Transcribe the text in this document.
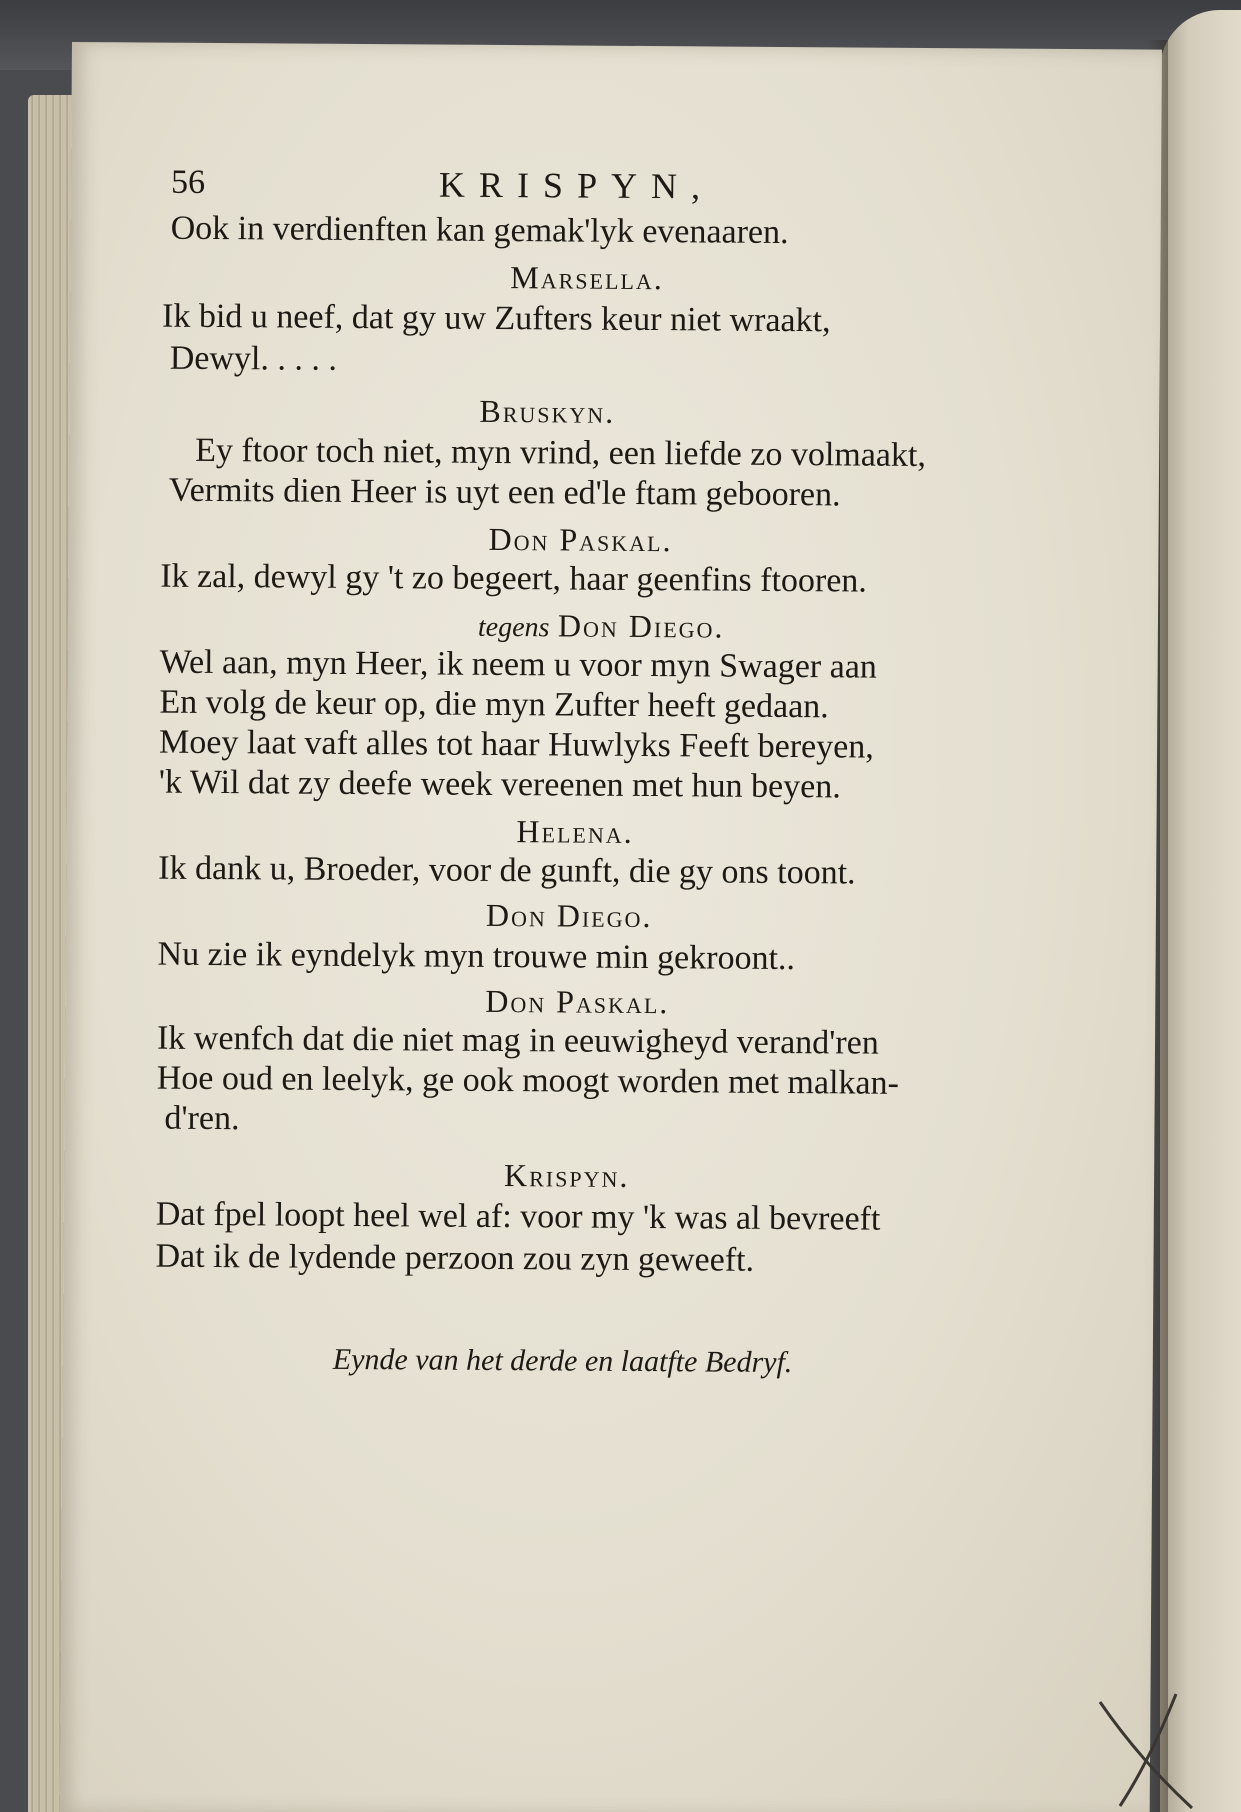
56	KRISPYN,
Ook in verdienften kan gemak'lyk evenaaren.
Marsella.
Ik bid u neef, dat gy uw Zufters keur niet wraakt,
Dewyl. . . . .
Bruskyn.
Ey ftoor toch niet, myn vrind, een liefde zo volmaakt,
Vermits dien Heer is uyt een ed'le ftam gebooren.
Don Paskal.
Ik zal, dewyl gy 't zo begeert, haar geenfins ftooren.
tegens Don Diego.
Wel aan, myn Heer, ik neem u voor myn Swager aan
En volg de keur op, die myn Zufter heeft gedaan.
Moey laat vaft alles tot haar Huwlyks Feeft bereyen,
'k Wil dat zy deefe week vereenen met hun beyen.
Helena.
Ik dank u, Broeder, voor de gunft, die gy ons toont.
Don Diego.
Nu zie ik eyndelyk myn trouwe min gekroont..
Don Paskal.
Ik wenfch dat die niet mag in eeuwigheyd verand'ren
Hoe oud en leelyk, ge ook moogt worden met malkan-
d'ren.
Krispyn.
Dat fpel loopt heel wel af: voor my 'k was al bevreeft
Dat ik de lydende perzoon zou zyn geweeft.
Eynde van het derde en laatfte Bedryf.
